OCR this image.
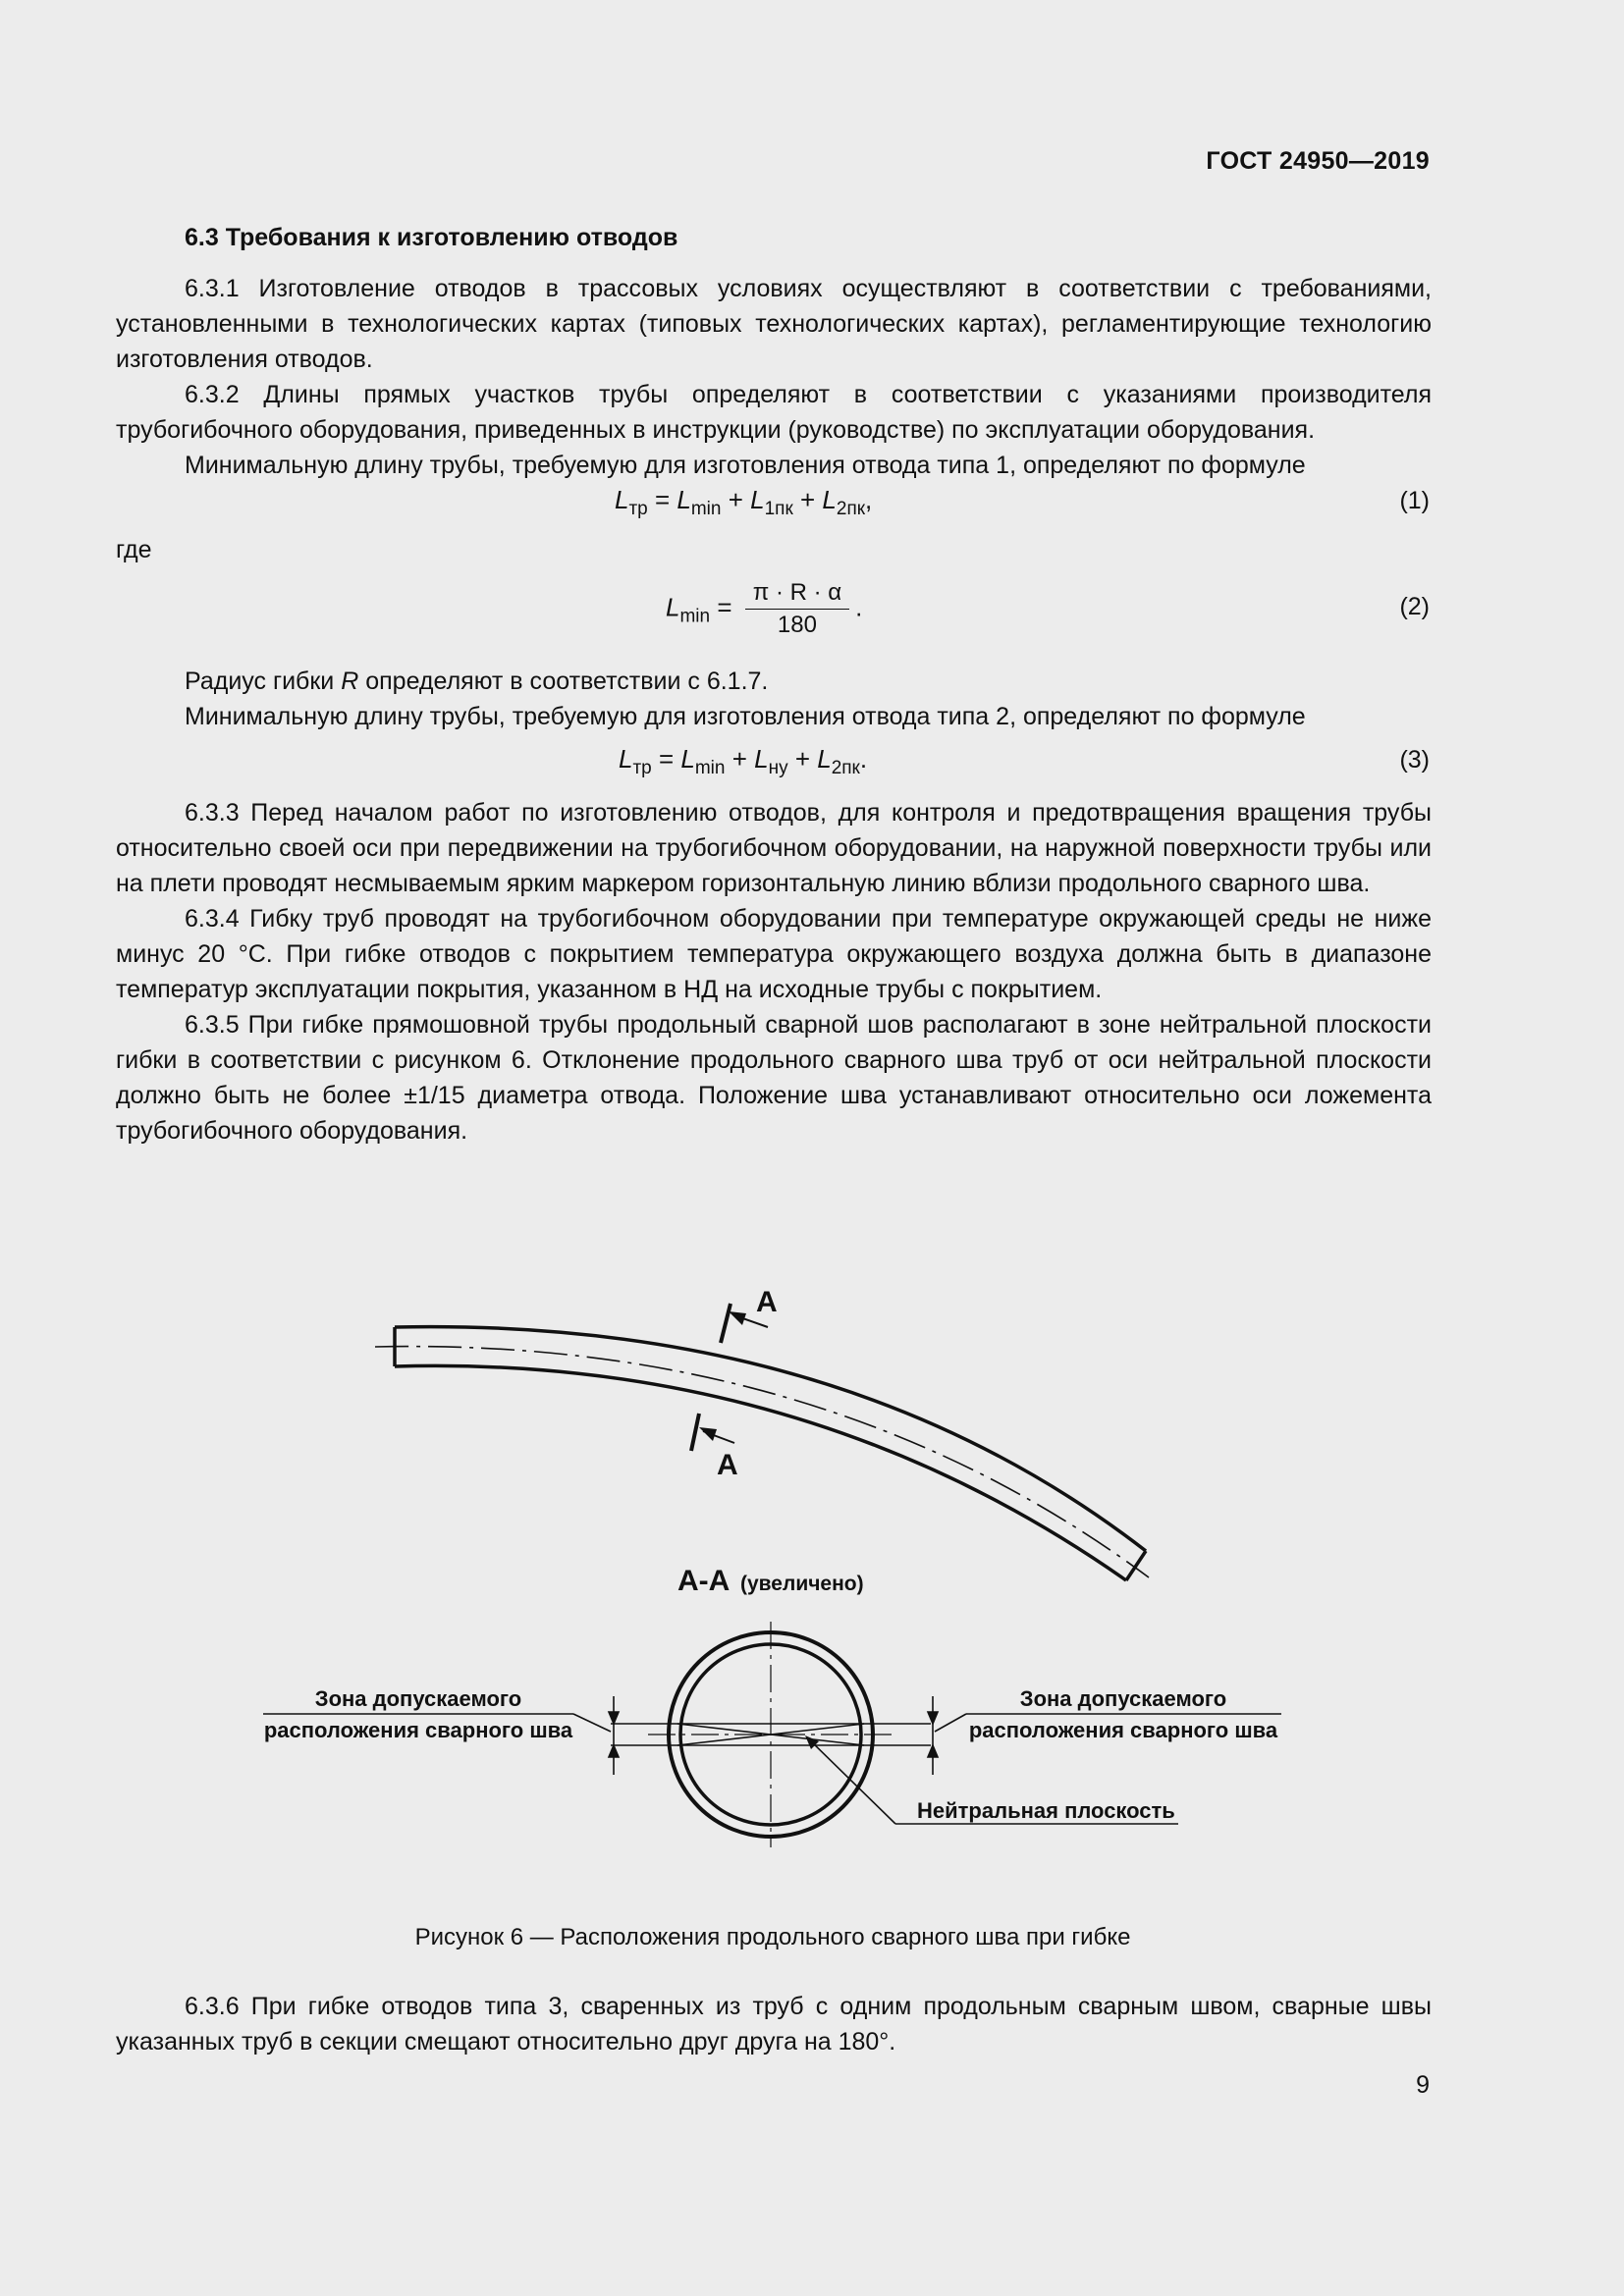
ГОСТ 24950—2019
6.3 Требования к изготовлению отводов

6.3.1 Изготовление отводов в трассовых условиях осуществляют в соответствии с требованиями, установленными в технологических картах (типовых технологических картах), регламентирующие технологию изготовления отводов.

6.3.2 Длины прямых участков трубы определяют в соответствии с указаниями производителя трубогибочного оборудования, приведенных в инструкции (руководстве) по эксплуатации оборудования.

Минимальную длину трубы, требуемую для изготовления отвода типа 1, определяют по формуле

$L_{тр} = L_{min} + L_{1пк} + L_{2пк}$,	(1)
где
$L_{min} = \frac{\pi \cdot R \cdot \alpha}{180}$ .	(2)

Радиус гибки R определяют в соответствии с 6.1.7.

Минимальную длину трубы, требуемую для изготовления отвода типа 2, определяют по формуле

$L_{тр} = L_{min} + L_{ну} + L_{2пк}$.	(3)

6.3.3 Перед началом работ по изготовлению отводов, для контроля и предотвращения вращения трубы относительно своей оси при передвижении на трубогибочном оборудовании, на наружной поверхности трубы или на плети проводят несмываемым ярким маркером горизонтальную линию вблизи продольного сварного шва.

6.3.4 Гибку труб проводят на трубогибочном оборудовании при температуре окружающей среды не ниже минус 20 °С. При гибке отводов с покрытием температура окружающего воздуха должна быть в диапазоне температур эксплуатации покрытия, указанном в НД на исходные трубы с покрытием.

6.3.5 При гибке прямошовной трубы продольный сварной шов располагают в зоне нейтральной плоскости гибки в соответствии с рисунком 6. Отклонение продольного сварного шва труб от оси нейтральной плоскости должно быть не более ±1/15 диаметра отвода. Положение шва устанавливают относительно оси ложемента трубогибочного оборудования.

А
А
А-А (увеличено)
Зона допускаемого
расположения сварного шва
Зона допускаемого
расположения сварного шва
Нейтральная плоскость
Рисунок 6 — Расположения продольного сварного шва при гибке

6.3.6 При гибке отводов типа 3, сваренных из труб с одним продольным сварным швом, сварные швы указанных труб в секции смещают относительно друг друга на 180°.

9
